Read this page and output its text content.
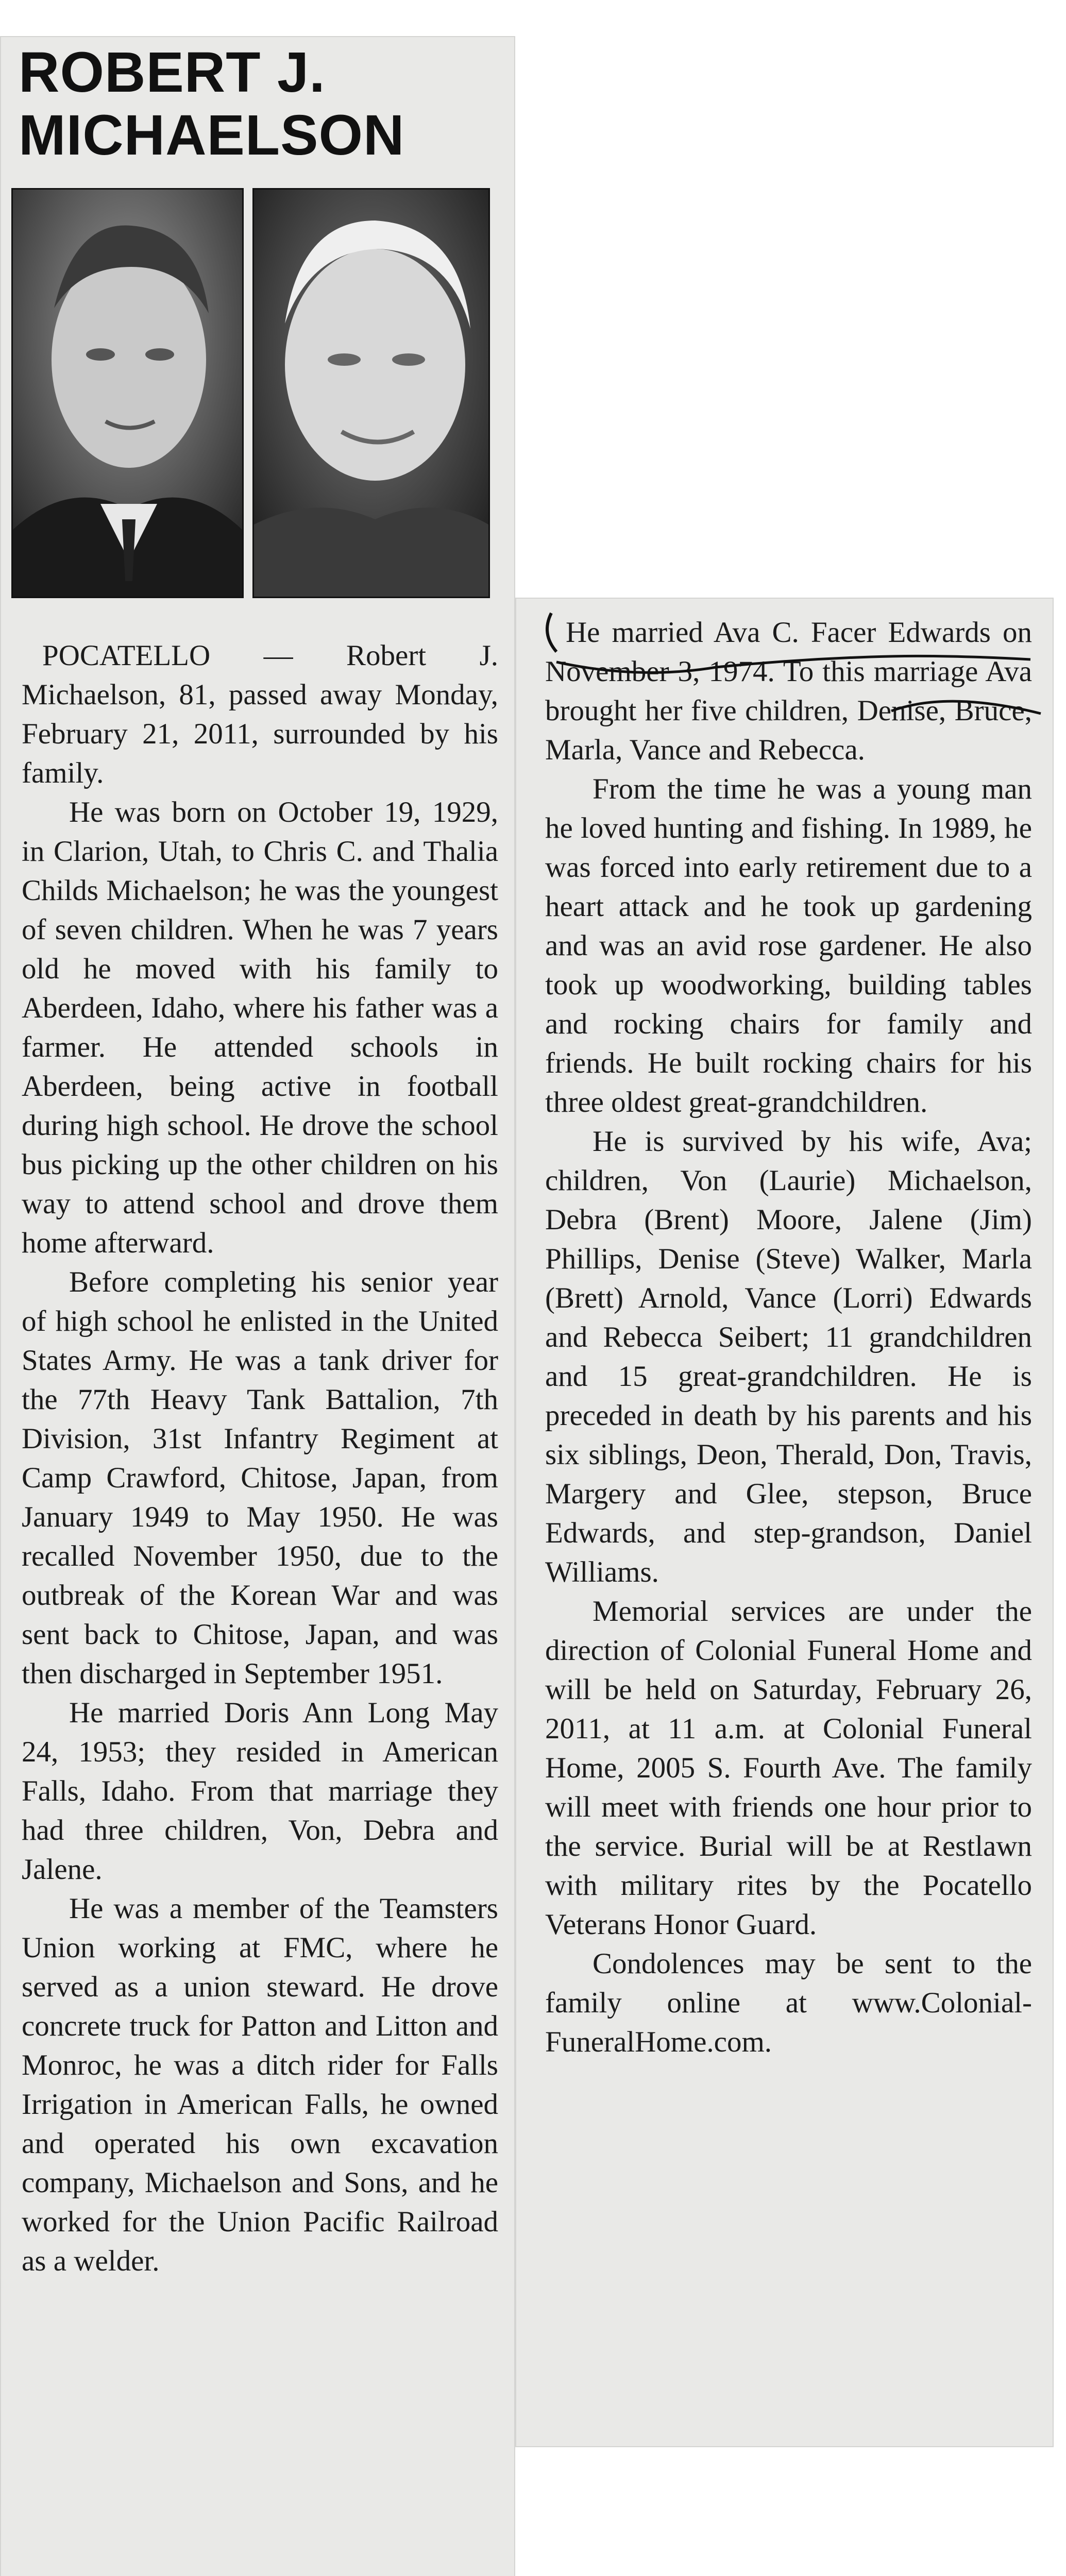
ROBERT J.
MICHAELSON

POCATELLO — Robert J. Michaelson, 81, passed away Monday, February 21, 2011, surrounded by his family.

He was born on October 19, 1929, in Clarion, Utah, to Chris C. and Thalia Childs Michaelson; he was the youngest of seven children. When he was 7 years old he moved with his family to Aberdeen, Idaho, where his father was a farmer. He attended schools in Aberdeen, being active in football during high school. He drove the school bus picking up the other children on his way to attend school and drove them home afterward.

Before completing his senior year of high school he enlisted in the United States Army. He was a tank driver for the 77th Heavy Tank Battalion, 7th Division, 31st Infantry Regiment at Camp Crawford, Chitose, Japan, from January 1949 to May 1950. He was recalled November 1950, due to the outbreak of the Korean War and was sent back to Chitose, Japan, and was then discharged in September 1951.

He married Doris Ann Long May 24, 1953; they resided in American Falls, Idaho. From that marriage they had three children, Von, Debra and Jalene.

He was a member of the Teamsters Union working at FMC, where he served as a union steward. He drove concrete truck for Patton and Litton and Monroc, he was a ditch rider for Falls Irrigation in American Falls, he owned and operated his own excavation company, Michaelson and Sons, and he worked for the Union Pacific Railroad as a welder.

He married Ava C. Facer Edwards on November 3, 1974. To this marriage Ava brought her five children, Denise, Bruce, Marla, Vance and Rebecca.

From the time he was a young man he loved hunting and fishing. In 1989, he was forced into early retirement due to a heart attack and he took up gardening and was an avid rose gardener. He also took up woodworking, building tables and rocking chairs for family and friends. He built rocking chairs for his three oldest great-grandchildren.

He is survived by his wife, Ava; children, Von (Laurie) Michaelson, Debra (Brent) Moore, Jalene (Jim) Phillips, Denise (Steve) Walker, Marla (Brett) Arnold, Vance (Lorri) Edwards and Rebecca Seibert; 11 grandchildren and 15 great-grandchildren. He is preceded in death by his parents and his six siblings, Deon, Therald, Don, Travis, Margery and Glee, stepson, Bruce Edwards, and step-grandson, Daniel Williams.

Memorial services are under the direction of Colonial Funeral Home and will be held on Saturday, February 26, 2011, at 11 a.m. at Colonial Funeral Home, 2005 S. Fourth Ave. The family will meet with friends one hour prior to the service. Burial will be at Restlawn with military rites by the Pocatello Veterans Honor Guard.

Condolences may be sent to the family online at www.Colonial-FuneralHome.com.
